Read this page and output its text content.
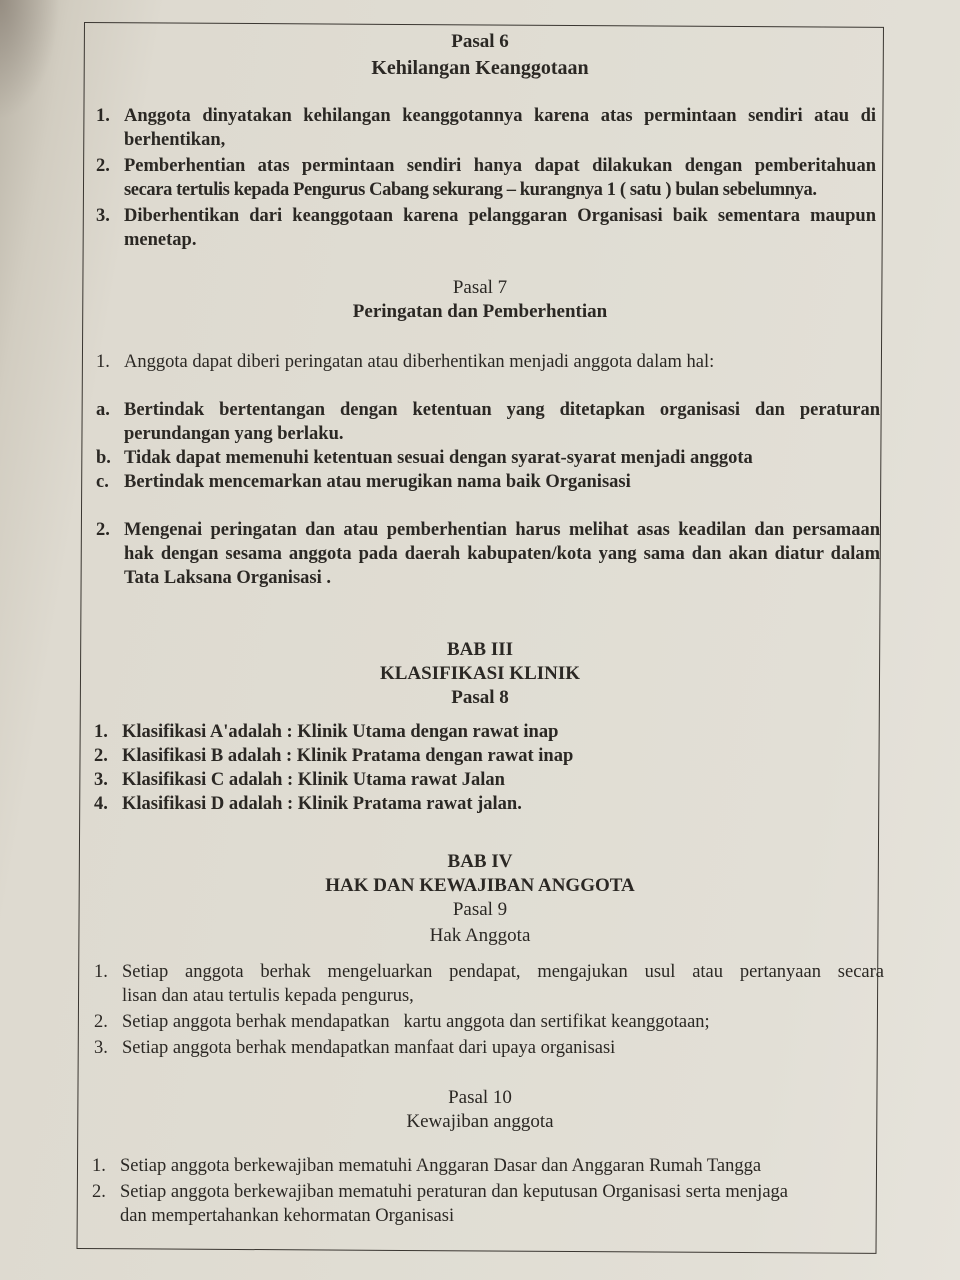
Pasal 6
Kehilangan Keanggotaan
1. Anggota dinyatakan kehilangan keanggotannya karena atas permintaan sendiri atau di
berhentikan,
2. Pemberhentian atas permintaan sendiri hanya dapat dilakukan dengan pemberitahuan
secara tertulis kepada Pengurus Cabang sekurang – kurangnya 1 ( satu ) bulan sebelumnya.
3. Diberhentikan dari keanggotaan karena pelanggaran Organisasi baik sementara maupun
menetap.
Pasal 7
Peringatan dan Pemberhentian
1. Anggota dapat diberi peringatan atau diberhentikan menjadi anggota dalam hal:
a. Bertindak bertentangan dengan ketentuan yang ditetapkan organisasi dan peraturan
perundangan yang berlaku.
b. Tidak dapat memenuhi ketentuan sesuai dengan syarat-syarat menjadi anggota
c. Bertindak mencemarkan atau merugikan nama baik Organisasi
2. Mengenai peringatan dan atau pemberhentian harus melihat asas keadilan dan persamaan
hak dengan sesama anggota pada daerah kabupaten/kota yang sama dan akan diatur dalam
Tata Laksana Organisasi .
BAB III
KLASIFIKASI KLINIK
Pasal 8
1. Klasifikasi A'adalah : Klinik Utama dengan rawat inap
2. Klasifikasi B adalah : Klinik Pratama dengan rawat inap
3. Klasifikasi C adalah : Klinik Utama rawat Jalan
4. Klasifikasi D adalah : Klinik Pratama rawat jalan.
BAB IV
HAK DAN KEWAJIBAN ANGGOTA
Pasal 9
Hak Anggota
1. Setiap anggota berhak mengeluarkan pendapat, mengajukan usul atau pertanyaan secara
lisan dan atau tertulis kepada pengurus,
2. Setiap anggota berhak mendapatkan   kartu anggota dan sertifikat keanggotaan;
3. Setiap anggota berhak mendapatkan manfaat dari upaya organisasi
Pasal 10
Kewajiban anggota
1. Setiap anggota berkewajiban mematuhi Anggaran Dasar dan Anggaran Rumah Tangga
2. Setiap anggota berkewajiban mematuhi peraturan dan keputusan Organisasi serta menjaga
dan mempertahankan kehormatan Organisasi
